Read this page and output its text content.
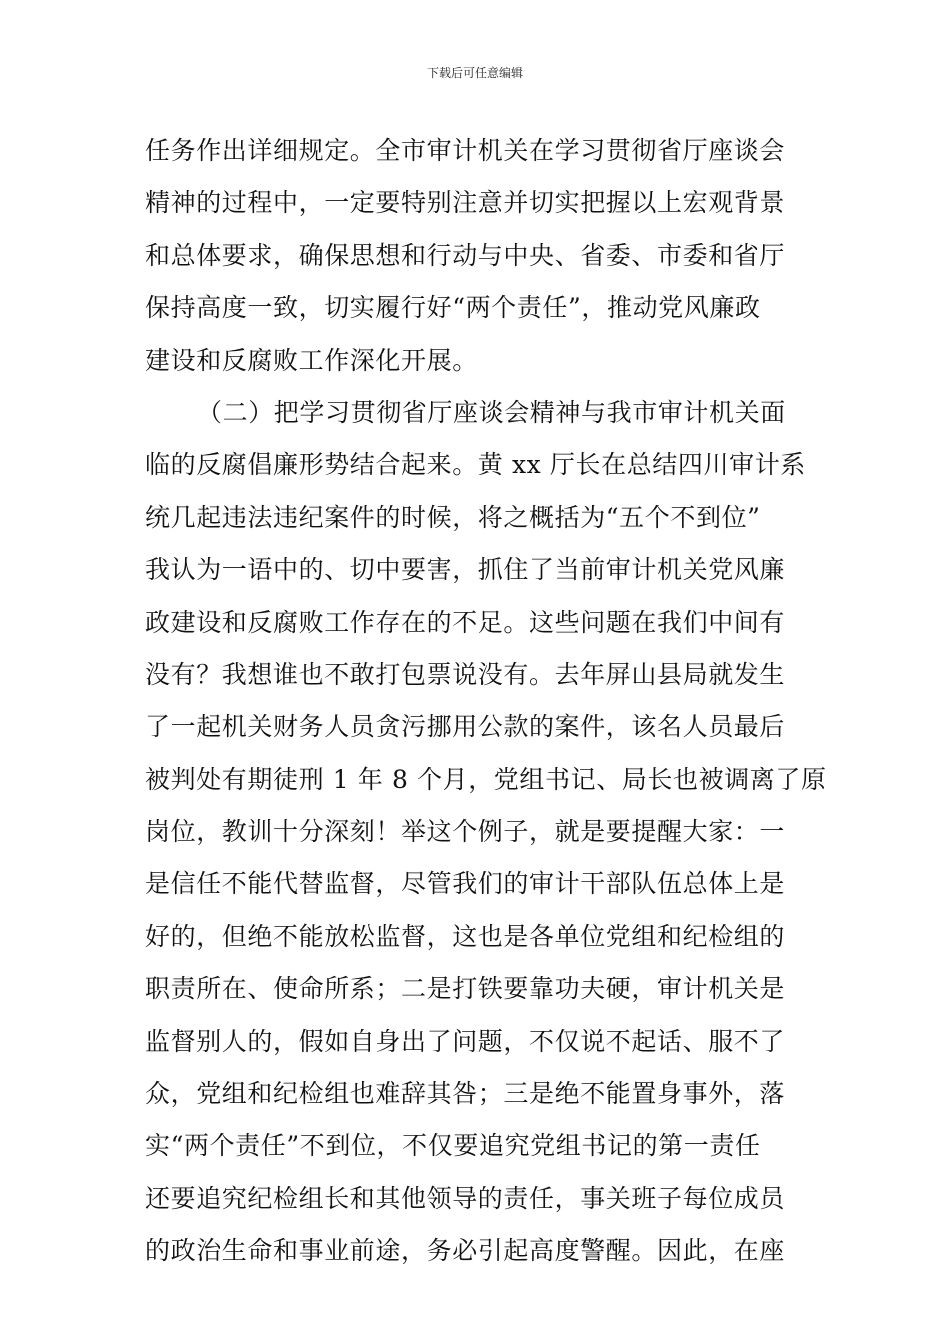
下载后可任意编辑
任务作出详细规定。全市审计机关在学习贯彻省厅座谈会
精神的过程中，一定要特别注意并切实把握以上宏观背景
和总体要求，确保思想和行动与中央、省委、市委和省厅
保持高度一致，切实履行好“两个责任”，推动党风廉政
建设和反腐败工作深化开展。
（二）把学习贯彻省厅座谈会精神与我市审计机关面
临的反腐倡廉形势结合起来。黄 xx 厅长在总结四川审计系
统几起违法违纪案件的时候，将之概括为“五个不到位”
我认为一语中的、切中要害，抓住了当前审计机关党风廉
政建设和反腐败工作存在的不足。这些问题在我们中间有
没有？我想谁也不敢打包票说没有。去年屏山县局就发生
了一起机关财务人员贪污挪用公款的案件，该名人员最后
被判处有期徒刑 1 年 8 个月，党组书记、局长也被调离了原
岗位，教训十分深刻！举这个例子，就是要提醒大家：一
是信任不能代替监督，尽管我们的审计干部队伍总体上是
好的，但绝不能放松监督，这也是各单位党组和纪检组的
职责所在、使命所系；二是打铁要靠功夫硬，审计机关是
监督别人的，假如自身出了问题，不仅说不起话、服不了
众，党组和纪检组也难辞其咎；三是绝不能置身事外，落
实“两个责任”不到位，不仅要追究党组书记的第一责任
还要追究纪检组长和其他领导的责任，事关班子每位成员
的政治生命和事业前途，务必引起高度警醒。因此，在座
